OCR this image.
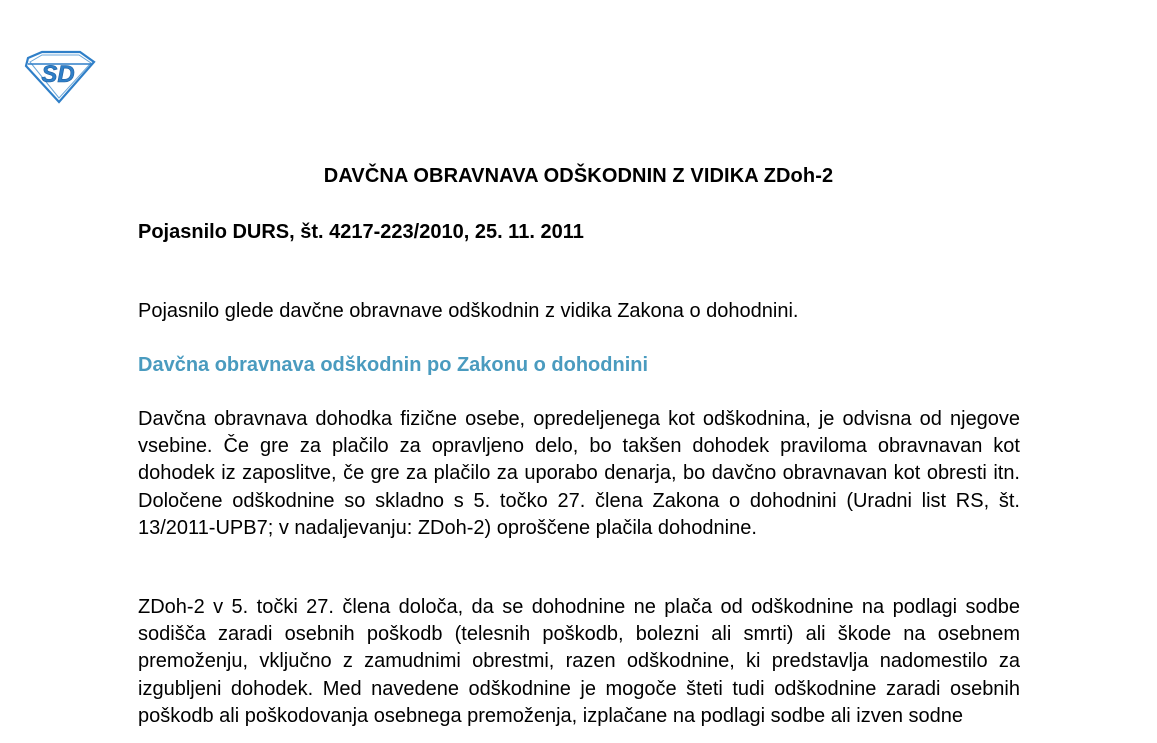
SD
DAVČNA OBRAVNAVA ODŠKODNIN Z VIDIKA ZDoh-2
Pojasnilo DURS, št. 4217-223/2010, 25. 11. 2011
Pojasnilo glede davčne obravnave odškodnin z vidika Zakona o dohodnini.
Davčna obravnava odškodnin po Zakonu o dohodnini
Davčna obravnava dohodka fizične osebe, opredeljenega kot odškodnina, je odvisna od njegove vsebine. Če gre za plačilo za opravljeno delo, bo takšen dohodek praviloma obravnavan kot dohodek iz zaposlitve, če gre za plačilo za uporabo denarja, bo davčno obravnavan kot obresti itn. Določene odškodnine so skladno s 5. točko 27. člena Zakona o dohodnini (Uradni list RS, št. 13/2011-UPB7; v nadaljevanju: ZDoh-2) oproščene plačila dohodnine.
ZDoh-2 v 5. točki 27. člena določa, da se dohodnine ne plača od odškodnine na podlagi sodbe sodišča zaradi osebnih poškodb (telesnih poškodb, bolezni ali smrti) ali škode na osebnem premoženju, vključno z zamudnimi obrestmi, razen odškodnine, ki predstavlja nadomestilo za izgubljeni dohodek. Med navedene odškodnine je mogoče šteti tudi odškodnine zaradi osebnih poškodb ali poškodovanja osebnega premoženja, izplačane na podlagi sodbe ali izven sodne
